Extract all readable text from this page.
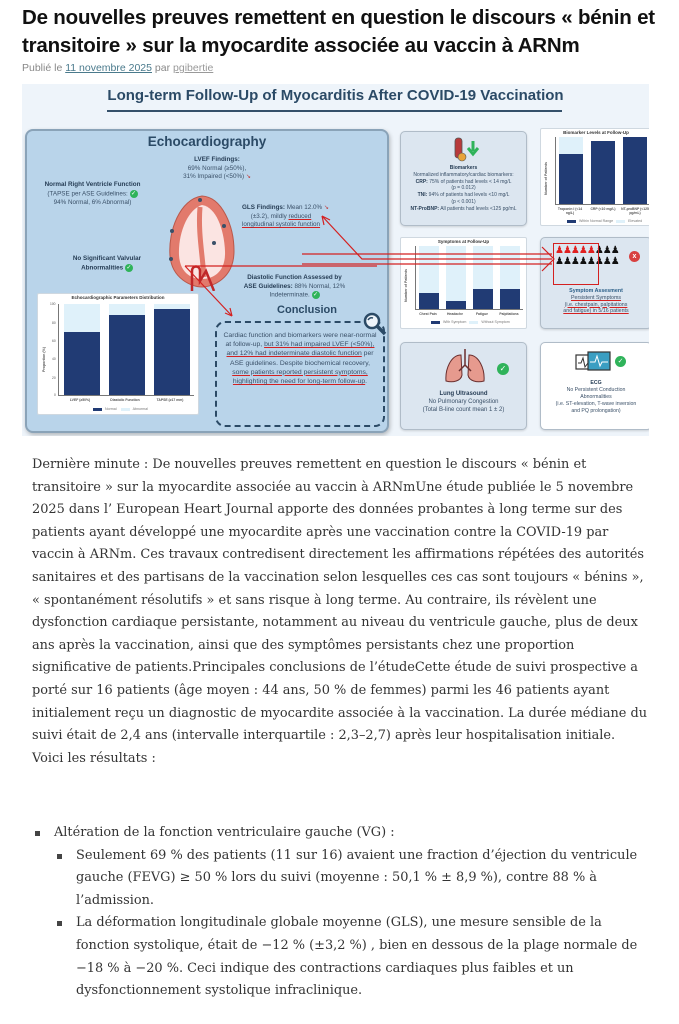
De nouvelles preuves remettent en question le discours « bénin et transitoire » sur la myocardite associée au vaccin à ARNm
Publié le 11 novembre 2025 par pgibertie
Long-term Follow-Up of Myocarditis After COVID-19 Vaccination
Echocardiography
LVEF Findings:
69% Normal (≥50%),
31% Impaired (<50%) ↘
Normal Right Ventricle Function
(TAPSE per ASE Guidelines: ✓
94% Normal, 6% Abnormal)
GLS Findings: Mean 12.0% ↘
(±3.2), mildly reduced
longitudinal systolic function
No Significant Valvular
Abnormalities ✓
Diastolic Function Assessed by
ASE Guidelines: 88% Normal, 12%
Indeterminate. ✓
Echocardiographic Parameters Distribution
Proportion (%)
100
80
60
40
20
0
LVEF (≥50%)	Diastolic Function	TAPSE (≥17 mm)
Normal	Abnormal
Conclusion
Cardiac function and biomarkers were near-normal at follow-up, but 31% had impaired LVEF (<50%), and 12% had indeterminate diastolic function per ASE guidelines. Despite biochemical recovery, some patients reported persistent symptoms, highlighting the need for long-term follow-up.
Biomarkers
Normalized inflammatory/cardiac biomarkers:
CRP: 75% of patients had levels < 14 mg/L
(p = 0.012)
TNI: 94% of patients had levels <10 mg/L
(p < 0.001)
NT-ProBNP: All patients had levels <125 pg/mL
Biomarker Levels at Follow-Up
Number of Patients
Troponin I (<14 ng/L)
CRP (<10 mg/L)	NT-proBNP (<125 pg/mL)
Within Normal Range	Elevated
Symptoms at Follow-Up
Number of Patients
Chest Pain	Headache	Fatigue	Palpitations
With Symptom	Without Symptom
♟♟♟♟♟♟♟♟
♟♟♟♟♟♟♟♟	x
Symptom Assesment
Persistent Symptoms
(i.e. chestpain, palpitations
and fatigue) in 5/16 patients
✓
Lung Ultrasound
No Pulmonary Congestion
(Total B-line count mean 1 ± 2)
✓
ECG
No Persistent Conduction
Abnormalities
(i.e. ST-elevation, T-wave inversion
and PQ prolongation)

Dernière minute : De nouvelles preuves remettent en question le discours « bénin et transitoire » sur la myocardite associée au vaccin à ARNmUne étude publiée le 5 novembre 2025 dans l’ European Heart Journal apporte des données probantes à long terme sur des patients ayant développé une myocardite après une vaccination contre la COVID-19 par vaccin à ARNm. Ces travaux contredisent directement les affirmations répétées des autorités sanitaires et des partisans de la vaccination selon lesquelles ces cas sont toujours « bénins », « spontanément résolutifs » et sans risque à long terme. Au contraire, ils révèlent une dysfonction cardiaque persistante, notamment au niveau du ventricule gauche, plus de deux ans après la vaccination, ainsi que des symptômes persistants chez une proportion significative de patients.Principales conclusions de l’étudeCette étude de suivi prospective a porté sur 16 patients (âge moyen : 44 ans, 50 % de femmes) parmi les 46 patients ayant initialement reçu un diagnostic de myocardite associée à la vaccination. La durée médiane du suivi était de 2,4 ans (intervalle interquartile : 2,3–2,7) après leur hospitalisation initiale. Voici les résultats :

Altération de la fonction ventriculaire gauche (VG) :
Seulement 69 % des patients (11 sur 16) avaient une fraction d’éjection du ventricule gauche (FEVG) ≥ 50 % lors du suivi (moyenne : 50,1 % ± 8,9 %), contre 88 % à l’admission.
La déformation longitudinale globale moyenne (GLS), une mesure sensible de la fonction systolique, était de −12 % (±3,2 %) , bien en dessous de la plage normale de −18 % à −20 %. Ceci indique des contractions cardiaques plus faibles et un dysfonctionnement systolique infraclinique.
